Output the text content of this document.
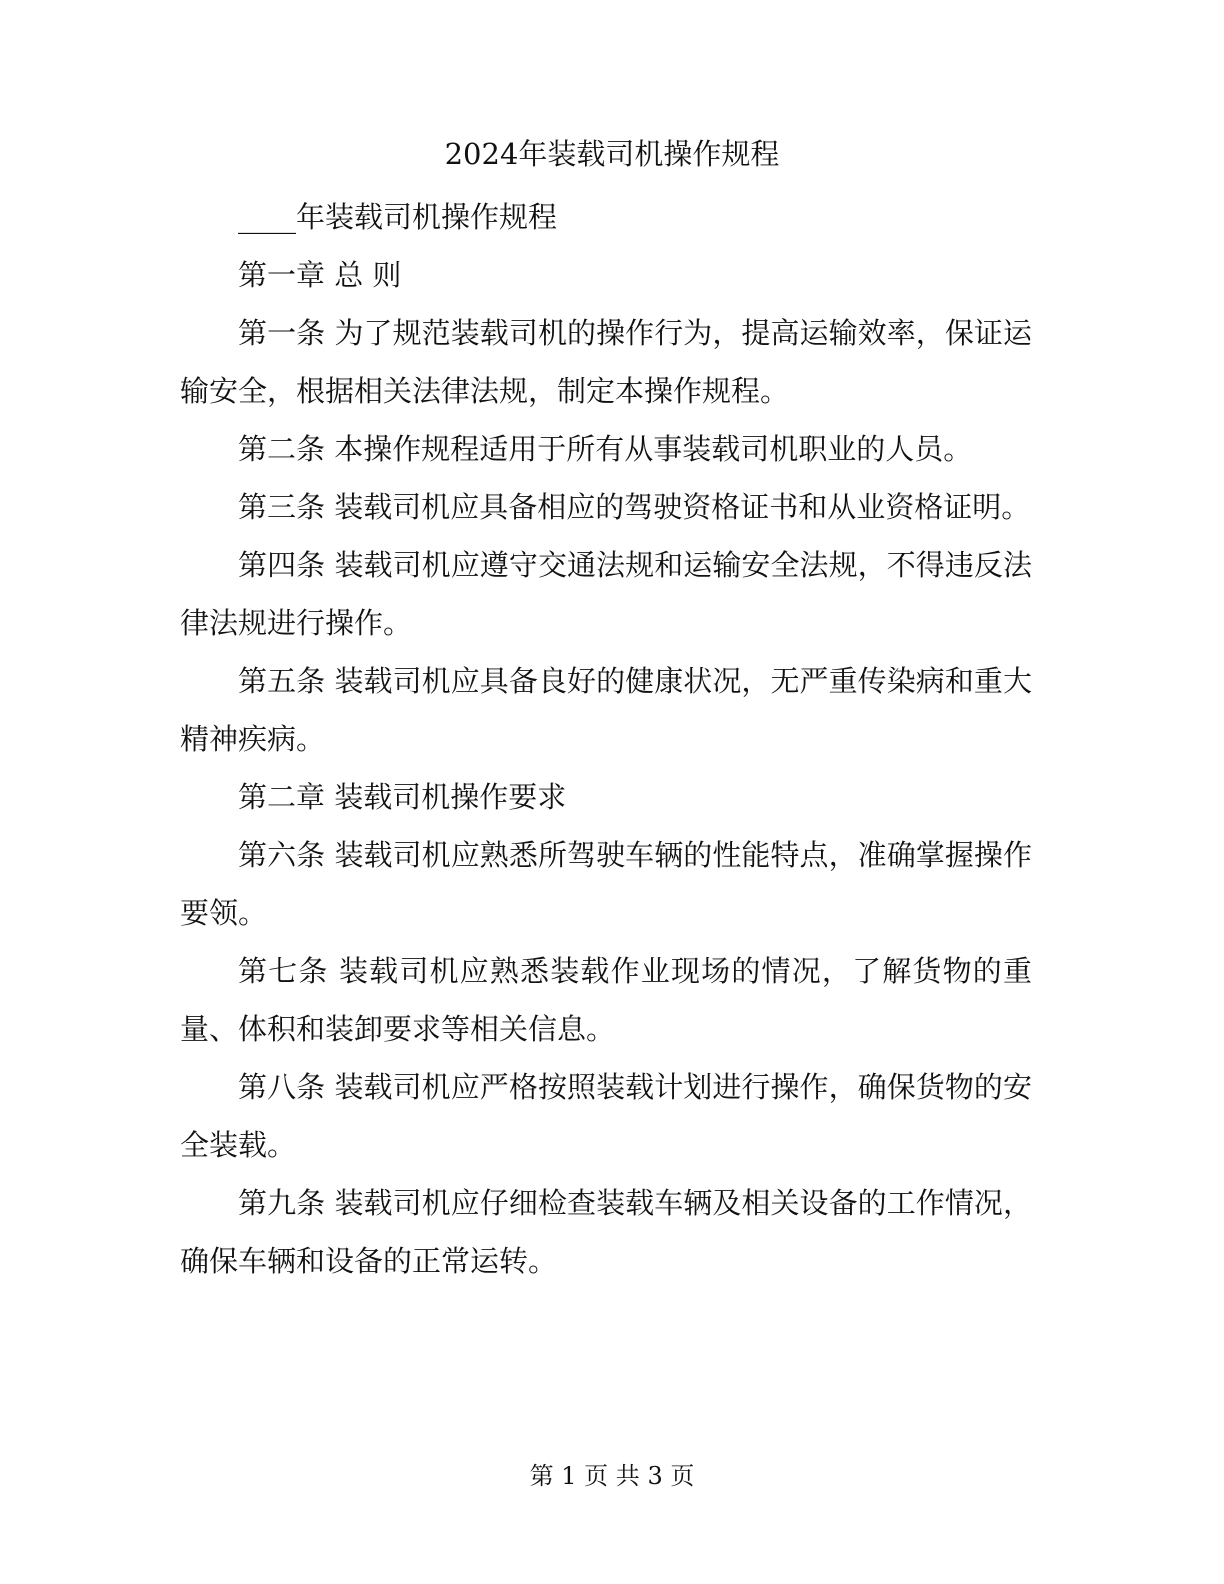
2024年装载司机操作规程

____年装载司机操作规程

第一章 总 则

第一条 为了规范装载司机的操作行为，提高运输效率，保证运输安全，根据相关法律法规，制定本操作规程。

第二条 本操作规程适用于所有从事装载司机职业的人员。

第三条 装载司机应具备相应的驾驶资格证书和从业资格证明。

第四条 装载司机应遵守交通法规和运输安全法规，不得违反法律法规进行操作。

第五条 装载司机应具备良好的健康状况，无严重传染病和重大精神疾病。

第二章 装载司机操作要求

第六条 装载司机应熟悉所驾驶车辆的性能特点，准确掌握操作要领。

第七条 装载司机应熟悉装载作业现场的情况，了解货物的重量、体积和装卸要求等相关信息。

第八条 装载司机应严格按照装载计划进行操作，确保货物的安全装载。

第九条 装载司机应仔细检查装载车辆及相关设备的工作情况，确保车辆和设备的正常运转。

第 1 页 共 3 页
